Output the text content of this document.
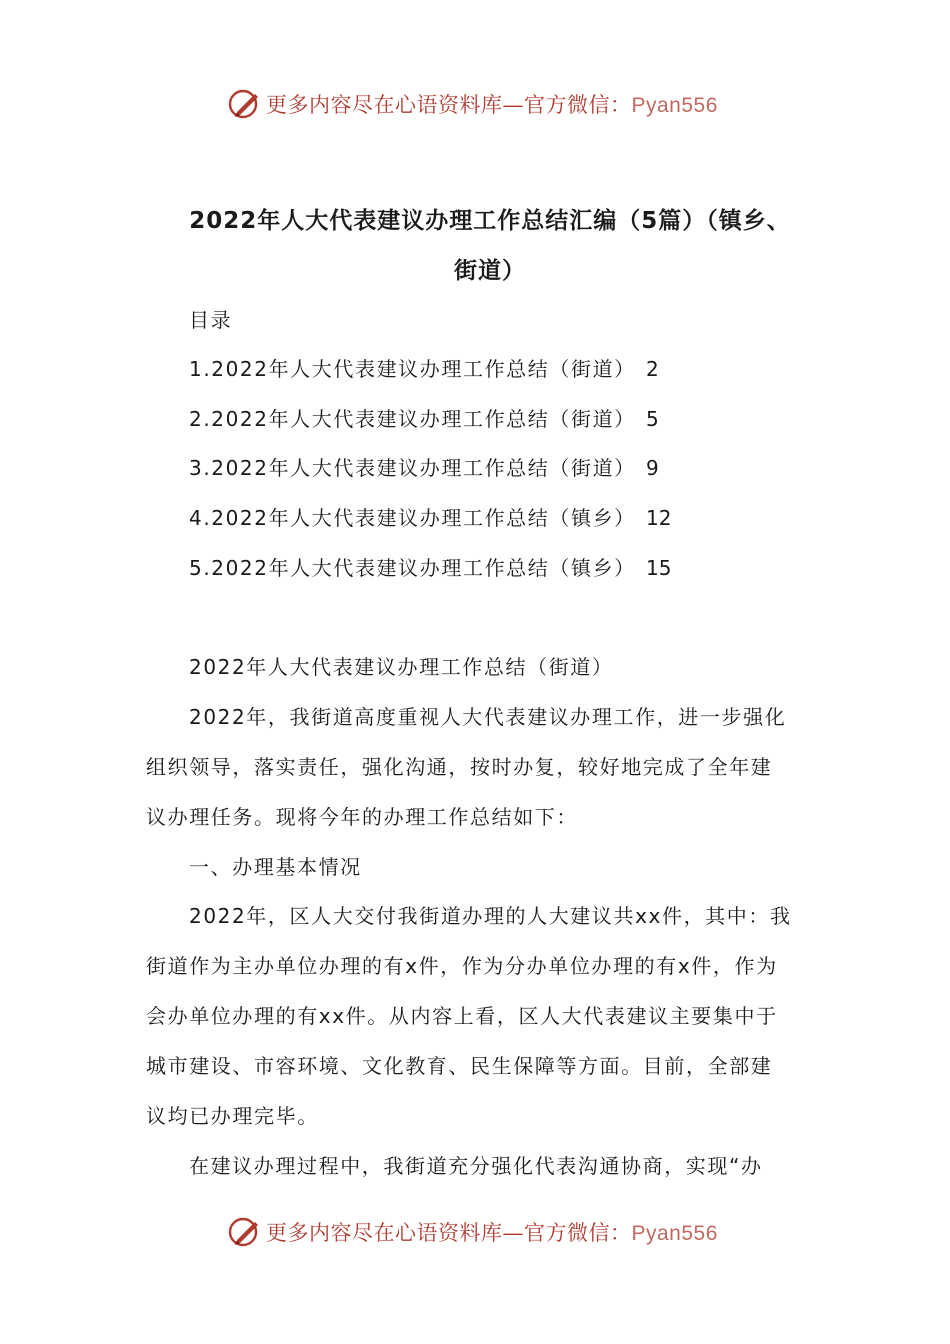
更多内容尽在心语资料库—官方微信：Pyan556
2022年人大代表建议办理工作总结汇编（5篇）（镇乡、
街道）
目录
1.2022年人大代表建议办理工作总结（街道） 2
2.2022年人大代表建议办理工作总结（街道） 5
3.2022年人大代表建议办理工作总结（街道） 9
4.2022年人大代表建议办理工作总结（镇乡） 12
5.2022年人大代表建议办理工作总结（镇乡） 15
2022年人大代表建议办理工作总结（街道）
2022年，我街道高度重视人大代表建议办理工作，进一步强化
组织领导，落实责任，强化沟通，按时办复，较好地完成了全年建
议办理任务。现将今年的办理工作总结如下：
一、办理基本情况
2022年，区人大交付我街道办理的人大建议共xx件，其中：我
街道作为主办单位办理的有x件，作为分办单位办理的有x件，作为
会办单位办理的有xx件。从内容上看，区人大代表建议主要集中于
城市建设、市容环境、文化教育、民生保障等方面。目前，全部建
议均已办理完毕。
在建议办理过程中，我街道充分强化代表沟通协商，实现“办
更多内容尽在心语资料库—官方微信：Pyan556
